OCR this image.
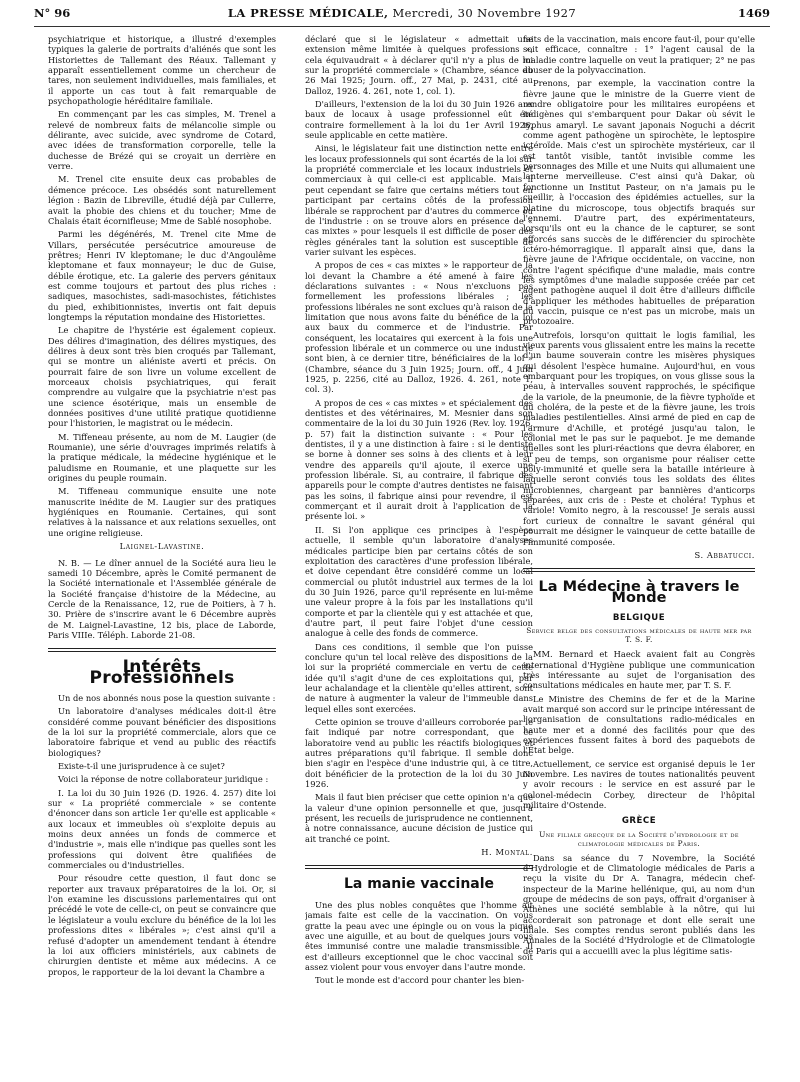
N° 96	LA PRESSE MÉDICALE, Mercredi, 30 Novembre 1927	1469

psychiatrique et historique, a illustré d'exemples typiques la galerie de portraits d'aliénés que sont les Historiettes de Tallemant des Réaux. Tallemant y apparaît essentiellement comme un chercheur de tares, non seulement individuelles, mais familiales, et il apporte un cas tout à fait remarquable de psychopathologie héréditaire familiale.

En commençant par les cas simples, M. Trenel a relevé de nombreux faits de mélancolie simple ou délirante, avec suicide, avec syndrome de Cotard, avec idées de transformation corporelle, telle la duchesse de Brézé qui se croyait un derrière en verre.

M. Trenel cite ensuite deux cas probables de démence précoce. Les obsédés sont naturellement légion : Bazin de Libreville, étudié déjà par Cullerre, avait la phobie des chiens et du toucher; Mme de Chalais était écornifleuse; Mme de Sablé nosophobe.

Parmi les dégénérés, M. Trenel cite Mme de Villars, persécutée persécutrice amoureuse de prêtres; Henri IV kleptomane; le duc d'Angoulême kleptomane et faux monnayeur; le duc de Guise, débile érotique, etc. La galerie des pervers génitaux est comme toujours et partout des plus riches : sadiques, masochistes, sadi-masochistes, fétichistes du pied, exhibitionnistes, invertis ont fait depuis longtemps la réputation mondaine des Historiettes.

Le chapitre de l'hystérie est également copieux. Des délires d'imagination, des délires mystiques, des délires à deux sont très bien croqués par Tallemant, qui se montre un aliéniste averti et précis. On pourrait faire de son livre un volume excellent de morceaux choisis psychiatriques, qui ferait comprendre au vulgaire que la psychiatrie n'est pas une science ésotérique, mais un ensemble de données positives d'une utilité pratique quotidienne pour l'historien, le magistrat ou le médecin.

M. Tiffeneau présente, au nom de M. Laugier (de Roumanie), une série d'ouvrages imprimés relatifs à la pratique médicale, la médecine hygiénique et le paludisme en Roumanie, et une plaquette sur les origines du peuple roumain.

M. Tiffeneau communique ensuite une note manuscrite inédite de M. Laugier sur des pratiques hygiéniques en Roumanie. Certaines, qui sont relatives à la naissance et aux relations sexuelles, ont une origine religieuse.

Laignel-Lavastine.

N. B. — Le dîner annuel de la Société aura lieu le samedi 10 Décembre, après le Comité permanent de la Société internationale et l'Assemblée générale de la Société française d'histoire de la Médecine, au Cercle de la Renaissance, 12, rue de Poitiers, à 7 h. 30. Prière de s'inscrire avant le 6 Décembre auprès de M. Laignel-Lavastine, 12 bis, place de Laborde, Paris VIIIe. Téléph. Laborde 21-08.

Intérêts Professionnels

Un de nos abonnés nous pose la question suivante :

Un laboratoire d'analyses médicales doit-il être considéré comme pouvant bénéficier des dispositions de la loi sur la propriété commerciale, alors que ce laboratoire fabrique et vend au public des réactifs biologiques?

Existe-t-il une jurisprudence à ce sujet?

Voici la réponse de notre collaborateur juridique :

I. La loi du 30 Juin 1926 (D. 1926. 4. 257) dite loi sur « La propriété commerciale » se contente d'énoncer dans son article 1er qu'elle est applicable « aux locaux et immeubles où s'exploite depuis au moins deux années un fonds de commerce et d'industrie », mais elle n'indique pas quelles sont les professions qui doivent être qualifiées de commerciales ou d'industrielles.

Pour résoudre cette question, il faut donc se reporter aux travaux préparatoires de la loi. Or, si l'on examine les discussions parlementaires qui ont précédé le vote de celle-ci, on peut se convaincre que le législateur a voulu exclure du bénéfice de la loi les professions dites « libérales »; c'est ainsi qu'il a refusé d'adopter un amendement tendant à étendre la loi aux officiers ministériels, aux cabinets de chirurgien dentiste et même aux médecins. A ce propos, le rapporteur de la loi devant la Chambre a

déclaré que si le législateur « admettait une extension même limitée à quelques professions », cela équivaudrait « à déclarer qu'il n'y a plus de loi sur la propriété commerciale » (Chambre, séance du 26 Mai 1925; Journ. off., 27 Mai, p. 2431, cité au Dalloz, 1926. 4. 261, note 1, col. 1).

D'ailleurs, l'extension de la loi du 30 Juin 1926 aux baux de locaux à usage professionnel eût été contraire formellement à la loi du 1er Avril 1926, seule applicable en cette matière.

Ainsi, le législateur fait une distinction nette entre les locaux professionnels qui sont écartés de la loi sur la propriété commerciale et les locaux industriels et commerciaux à qui celle-ci est applicable. Mais il peut cependant se faire que certains métiers tout en participant par certains côtés de la profession libérale se rapprochent par d'autres du commerce ou de l'industrie : on se trouve alors en présence de « cas mixtes » pour lesquels il est difficile de poser des règles générales tant la solution est susceptible de varier suivant les espèces.

A propos de ces « cas mixtes » le rapporteur de la loi devant la Chambre a été amené à faire les déclarations suivantes : « Nous n'excluons pas formellement les professions libérales ; les professions libérales ne sont exclues qu'à raison de la limitation que nous avons faite du bénéfice de la loi aux baux du commerce et de l'industrie. Par conséquent, les locataires qui exercent à la fois une profession libérale et un commerce ou une industrie sont bien, à ce dernier titre, bénéficiaires de la loi » (Chambre, séance du 3 Juin 1925; Journ. off., 4 Juin 1925, p. 2256, cité au Dalloz, 1926. 4. 261, note 1, col. 3).

A propos de ces « cas mixtes » et spécialement des dentistes et des vétérinaires, M. Mesnier dans son commentaire de la loi du 30 Juin 1926 (Rev. loy. 1926, p. 57) fait la distinction suivante : « Pour les dentistes, il y a une distinction à faire : si le dentiste se borne à donner ses soins à des clients et à leur vendre des appareils qu'il ajoute, il exerce une profession libérale. Si, au contraire, il fabrique des appareils pour le compte d'autres dentistes ne faisant pas les soins, il fabrique ainsi pour revendre, il est commerçant et il aurait droit à l'application de la présente loi. »

II. Si l'on applique ces principes à l'espèce actuelle, il semble qu'un laboratoire d'analyses médicales participe bien par certains côtés de son exploitation des caractères d'une profession libérale, et doive cependant être considéré comme un local commercial ou plutôt industriel aux termes de la loi du 30 Juin 1926, parce qu'il représente en lui-même une valeur propre à la fois par les installations qu'il comporte et par la clientèle qui y est attachée et que, d'autre part, il peut faire l'objet d'une cession analogue à celle des fonds de commerce.

Dans ces conditions, il semble que l'on puisse conclure qu'un tel local relève des dispositions de la loi sur la propriété commerciale en vertu de cette idée qu'il s'agit d'une de ces exploitations qui, par leur achalandage et la clientèle qu'elles attirent, sont de nature à augmenter la valeur de l'immeuble dans lequel elles sont exercées.

Cette opinion se trouve d'ailleurs corroborée par le fait indiqué par notre correspondant, que ce laboratoire vend au public les réactifs biologiques et autres préparations qu'il fabrique. Il semble donc bien s'agir en l'espèce d'une industrie qui, à ce titre, doit bénéficier de la protection de la loi du 30 Juin 1926.

Mais il faut bien préciser que cette opinion n'a que la valeur d'une opinion personnelle et que, jusqu'à présent, les recueils de jurisprudence ne contiennent, à notre connaissance, aucune décision de justice qui ait tranché ce point.

H. Montal.
La manie vaccinale

Une des plus nobles conquêtes que l'homme ait jamais faite est celle de la vaccination. On vous gratte la peau avec une épingle ou on vous la pique avec une aiguille, et au bout de quelques jours vous êtes immunisé contre une maladie transmissible. Il est d'ailleurs exceptionnel que le choc vaccinal soit assez violent pour vous envoyer dans l'autre monde.

Tout le monde est d'accord pour chanter les bien-

faits de la vaccination, mais encore faut-il, pour qu'elle soit efficace, connaître : 1° l'agent causal de la maladie contre laquelle on veut la pratiquer; 2° ne pas abuser de la polyvaccination.

Prenons, par exemple, la vaccination contre la fièvre jaune que le ministre de la Guerre vient de rendre obligatoire pour les militaires européens et indigènes qui s'embarquent pour Dakar où sévit le typhus amaryl. Le savant japonais Noguchi a décrit comme agent pathogène un spirochète, le leptospire ictéroïde. Mais c'est un spirochète mystérieux, car il est tantôt visible, tantôt invisible comme les personnages des Mille et une Nuits qui allumaient une lanterne merveilleuse. C'est ainsi qu'à Dakar, où fonctionne un Institut Pasteur, on n'a jamais pu le cueillir, à l'occasion des épidémies actuelles, sur la platine du microscope, tous objectifs braqués sur l'ennemi. D'autre part, des expérimentateurs, lorsqu'ils ont eu la chance de le capturer, se sont efforcés sans succès de le différencier du spirochète ictéro-hémorragique. Il apparaît ainsi que, dans la fièvre jaune de l'Afrique occidentale, on vaccine, non contre l'agent spécifique d'une maladie, mais contre les symptômes d'une maladie supposée créée par cet agent pathogène auquel il doit être d'ailleurs difficile d'appliquer les méthodes habituelles de préparation du vaccin, puisque ce n'est pas un microbe, mais un protozoaire.

Autrefois, lorsqu'on quittait le logis familial, les vieux parents vous glissaient entre les mains la recette d'un baume souverain contre les misères physiques qui désolent l'espèce humaine. Aujourd'hui, en vous embarquant pour les tropiques, on vous glisse sous la peau, à intervalles souvent rapprochés, le spécifique de la variole, de la pneumonie, de la fièvre typhoïde et du choléra, de la peste et de la fièvre jaune, les trois maladies pestilentielles. Ainsi armé de pied en cap de l'armure d'Achille, et protégé jusqu'au talon, le colonial met le pas sur le paquebot. Je me demande quelles sont les pluri-réactions que devra élaborer, en si peu de temps, son organisme pour réaliser cette poly-immunité et quelle sera la bataille intérieure à laquelle seront conviés tous les soldats des élites microbiennes, chargeant par bannières d'anticorps séparées, aux cris de : Peste et choléra! Typhus et variole! Vomito negro, à la rescousse! Je serais aussi fort curieux de connaître le savant général qui pourrait me désigner le vainqueur de cette bataille de l'immunité composée.

S. Abbatucci.
La Médecine à travers le Monde
BELGIQUE
Service belge des consultations médicales de haute mer par T. S. F.

MM. Bernard et Haeck avaient fait au Congrès international d'Hygiène publique une communication très intéressante au sujet de l'organisation des consultations médicales en haute mer, par T. S. F.

Le Ministre des Chemins de fer et de la Marine avait marqué son accord sur le principe intéressant de l'organisation de consultations radio-médicales en haute mer et a donné des facilités pour que des expériences fussent faites à bord des paquebots de l'État belge.

Actuellement, ce service est organisé depuis le 1er Novembre. Les navires de toutes nationalités peuvent y avoir recours : le service en est assuré par le colonel-médecin Corbey, directeur de l'hôpital militaire d'Ostende.

GRÈCE
Une filiale grecque de la Société d'hydrologie et de climatologie médicales de Paris.

Dans sa séance du 7 Novembre, la Société d'Hydrologie et de Climatologie médicales de Paris a reçu la visite du Dr A. Tanagra, médecin chef-inspecteur de la Marine hellénique, qui, au nom d'un groupe de médecins de son pays, offrait d'organiser à Athènes une société semblable à la nôtre, qui lui accorderait son patronage et dont elle serait une filiale. Ses comptes rendus seront publiés dans les Annales de la Société d'Hydrologie et de Climatologie de Paris qui a accueilli avec la plus légitime satis-
